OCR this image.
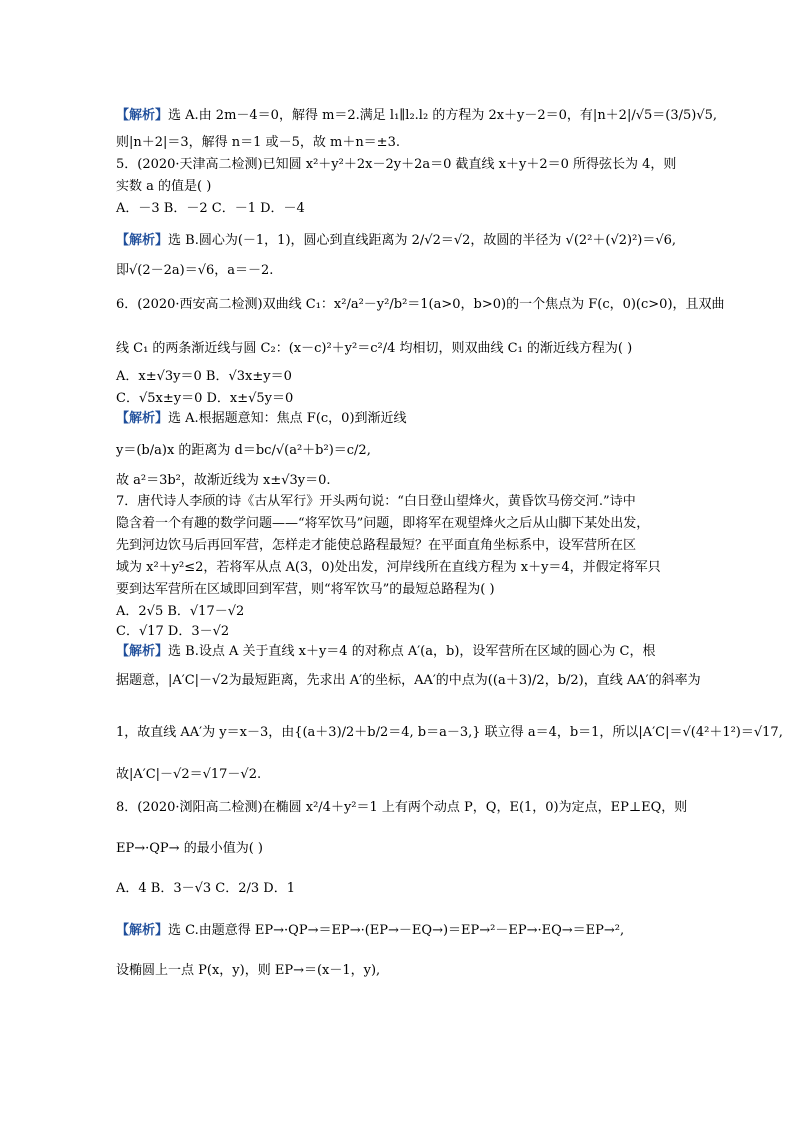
【解析】选 A.由 2m－4＝0，解得 m＝2.满足 l₁∥l₂.l₂ 的方程为 2x＋y－2＝0，有|n＋2|/√5＝(3/5)√5,
则|n＋2|＝3，解得 n＝1 或－5，故 m＋n＝±3.
5．(2020·天津高二检测)已知圆 x²＋y²＋2x－2y＋2a＝0 截直线 x＋y＋2＝0 所得弦长为 4，则
实数 a 的值是( )
A．－3 B．－2 C．－1 D．－4
【解析】选 B.圆心为(－1，1)，圆心到直线距离为 2/√2＝√2，故圆的半径为 √(2²＋(√2)²)＝√6,
即√(2－2a)＝√6，a＝－2.
6．(2020·西安高二检测)双曲线 C₁：x²/a²－y²/b²＝1(a>0，b>0)的一个焦点为 F(c，0)(c>0)，且双曲
线 C₁ 的两条渐近线与圆 C₂：(x－c)²＋y²＝c²/4 均相切，则双曲线 C₁ 的渐近线方程为( )
A．x±√3y＝0 B．√3x±y＝0
C．√5x±y＝0 D．x±√5y＝0
【解析】选 A.根据题意知：焦点 F(c，0)到渐近线
y＝(b/a)x 的距离为 d＝bc/√(a²＋b²)＝c/2,
故 a²＝3b²，故渐近线为 x±√3y＝0.
7．唐代诗人李颀的诗《古从军行》开头两句说：“白日登山望烽火，黄昏饮马傍交河.”诗中
隐含着一个有趣的数学问题——“将军饮马”问题，即将军在观望烽火之后从山脚下某处出发，
先到河边饮马后再回军营，怎样走才能使总路程最短？在平面直角坐标系中，设军营所在区
域为 x²＋y²≤2，若将军从点 A(3，0)处出发，河岸线所在直线方程为 x＋y＝4，并假定将军只
要到达军营所在区域即回到军营，则“将军饮马”的最短总路程为( )
A．2√5 B．√17－√2
C．√17 D．3－√2
【解析】选 B.设点 A 关于直线 x＋y＝4 的对称点 A′(a，b)，设军营所在区域的圆心为 C，根
据题意，|A′C|－√2为最短距离，先求出 A′的坐标，AA′的中点为((a＋3)/2，b/2)，直线 AA′的斜率为
1，故直线 AA′为 y＝x－3，由{(a＋3)/2＋b/2＝4, b＝a－3,} 联立得 a＝4，b＝1，所以|A′C|＝√(4²＋1²)＝√17,
故|A′C|－√2＝√17－√2.
8．(2020·浏阳高二检测)在椭圆 x²/4＋y²＝1 上有两个动点 P，Q，E(1，0)为定点，EP⊥EQ，则
EP→·QP→ 的最小值为( )
A．4 B．3－√3 C．2/3 D．1
【解析】选 C.由题意得 EP→·QP→＝EP→·(EP→－EQ→)＝EP→²－EP→·EQ→＝EP→²,
设椭圆上一点 P(x，y)，则 EP→＝(x－1，y),
